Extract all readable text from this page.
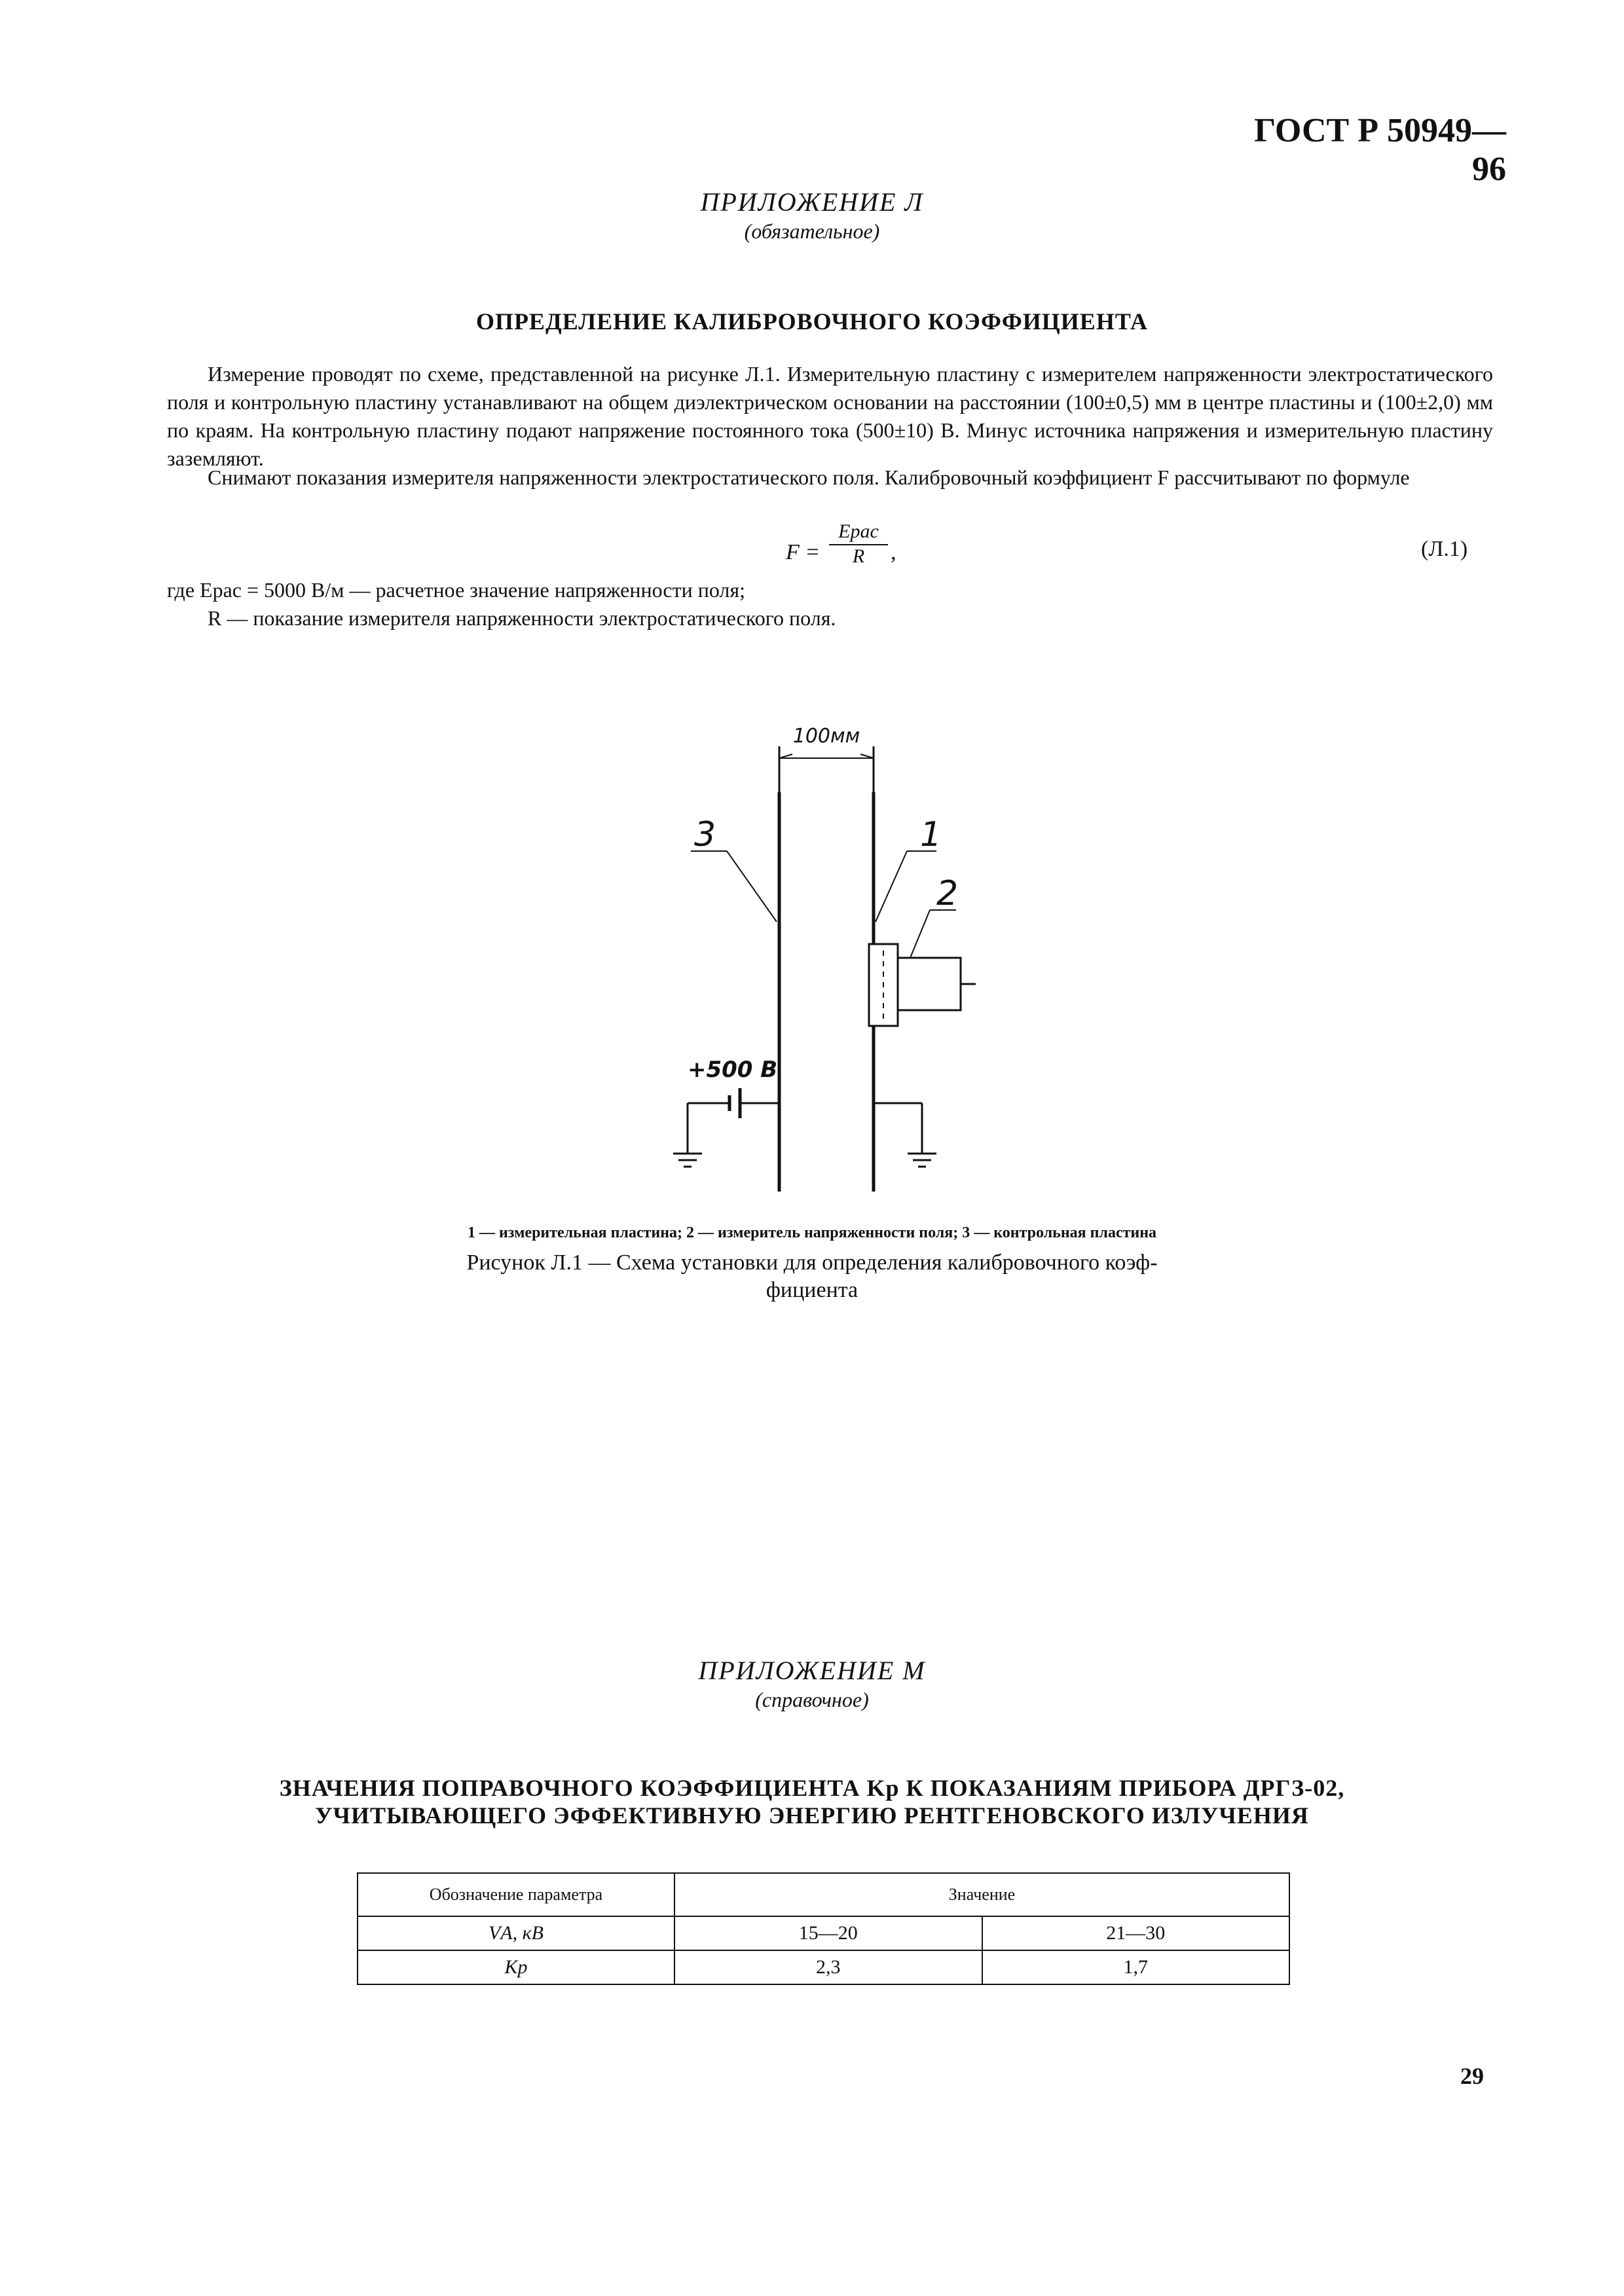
ГОСТ Р 50949—96
ПРИЛОЖЕНИЕ Л
(обязательное)
ОПРЕДЕЛЕНИЕ КАЛИБРОВОЧНОГО КОЭФФИЦИЕНТА
Измерение проводят по схеме, представленной на рисунке Л.1. Измерительную пластину с измерителем напряженности электростатического поля и контрольную пластину устанавливают на общем диэлектрическом основании на расстоянии (100±0,5) мм в центре пластины и (100±2,0) мм по краям. На контрольную пластину подают напряжение постоянного тока (500±10) В. Минус источника напряжения и измерительную пластину заземляют.
Снимают показания измерителя напряженности электростатического поля. Калибровочный коэффициент F рассчитывают по формуле
F =
Eрас
R	,	(Л.1)
где Eрас = 5000 В/м — расчетное значение напряженности поля;
R — показание измерителя напряженности электростатического поля.
100мм
3	1
2
+500 В
1 — измерительная пластина; 2 — измеритель напряженности поля; 3 — контрольная пластина
Рисунок Л.1 — Схема установки для определения калибровочного коэф-
фициента
ПРИЛОЖЕНИЕ М
(справочное)
ЗНАЧЕНИЯ ПОПРАВОЧНОГО КОЭФФИЦИЕНТА Kр К ПОКАЗАНИЯМ ПРИБОРА ДРГЗ-02,
УЧИТЫВАЮЩЕГО ЭФФЕКТИВНУЮ ЭНЕРГИЮ РЕНТГЕНОВСКОГО ИЗЛУЧЕНИЯ
Обозначение параметра	Значение	
VА, кВ	15—20	21—30
Kр	2,3	1,7
29
